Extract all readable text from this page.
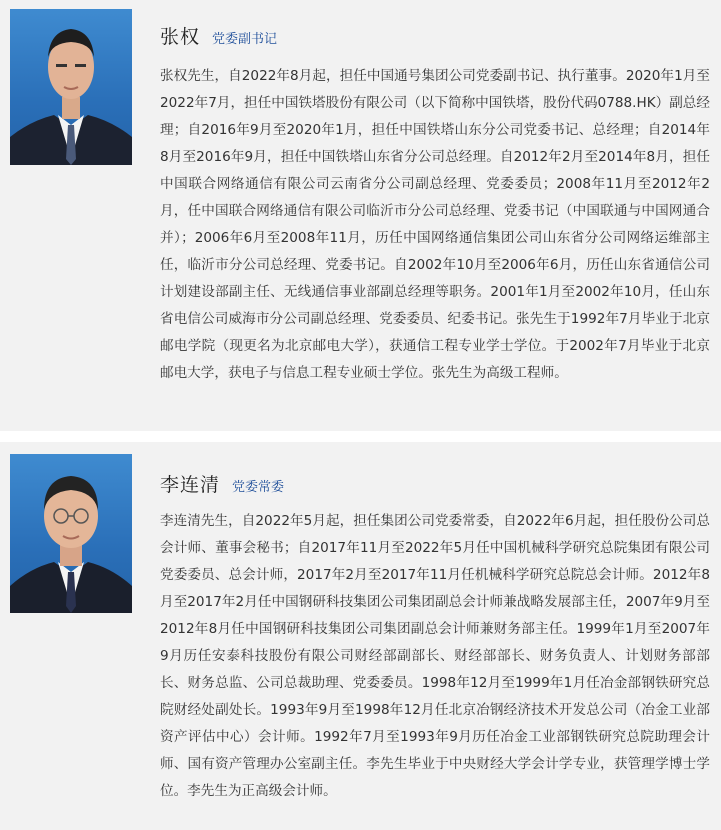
张权 党委副书记

张权先生，自2022年8月起，担任中国通号集团公司党委副书记、执行董事。2020年1月至2022年7月，担任中国铁塔股份有限公司（以下简称中国铁塔，股份代码0788.HK）副总经理；自2016年9月至2020年1月，担任中国铁塔山东分公司党委书记、总经理；自2014年8月至2016年9月，担任中国铁塔山东省分公司总经理。自2012年2月至2014年8月，担任中国联合网络通信有限公司云南省分公司副总经理、党委委员；2008年11月至2012年2月，任中国联合网络通信有限公司临沂市分公司总经理、党委书记（中国联通与中国网通合并）；2006年6月至2008年11月，历任中国网络通信集团公司山东省分公司网络运维部主任，临沂市分公司总经理、党委书记。自2002年10月至2006年6月，历任山东省通信公司计划建设部副主任、无线通信事业部副总经理等职务。2001年1月至2002年10月，任山东省电信公司威海市分公司副总经理、党委委员、纪委书记。张先生于1992年7月毕业于北京邮电学院（现更名为北京邮电大学），获通信工程专业学士学位。于2002年7月毕业于北京邮电大学，获电子与信息工程专业硕士学位。张先生为高级工程师。

李连清 党委常委

李连清先生，自2022年5月起，担任集团公司党委常委，自2022年6月起，担任股份公司总会计师、董事会秘书；自2017年11月至2022年5月任中国机械科学研究总院集团有限公司党委委员、总会计师，2017年2月至2017年11月任机械科学研究总院总会计师。2012年8月至2017年2月任中国钢研科技集团公司集团副总会计师兼战略发展部主任，2007年9月至2012年8月任中国钢研科技集团公司集团副总会计师兼财务部主任。1999年1月至2007年9月历任安泰科技股份有限公司财经部副部长、财经部部长、财务负责人、计划财务部部长、财务总监、公司总裁助理、党委委员。1998年12月至1999年1月任冶金部钢铁研究总院财经处副处长。1993年9月至1998年12月任北京冶钢经济技术开发总公司（冶金工业部资产评估中心）会计师。1992年7月至1993年9月历任冶金工业部钢铁研究总院助理会计师、国有资产管理办公室副主任。李先生毕业于中央财经大学会计学专业，获管理学博士学位。李先生为正高级会计师。
